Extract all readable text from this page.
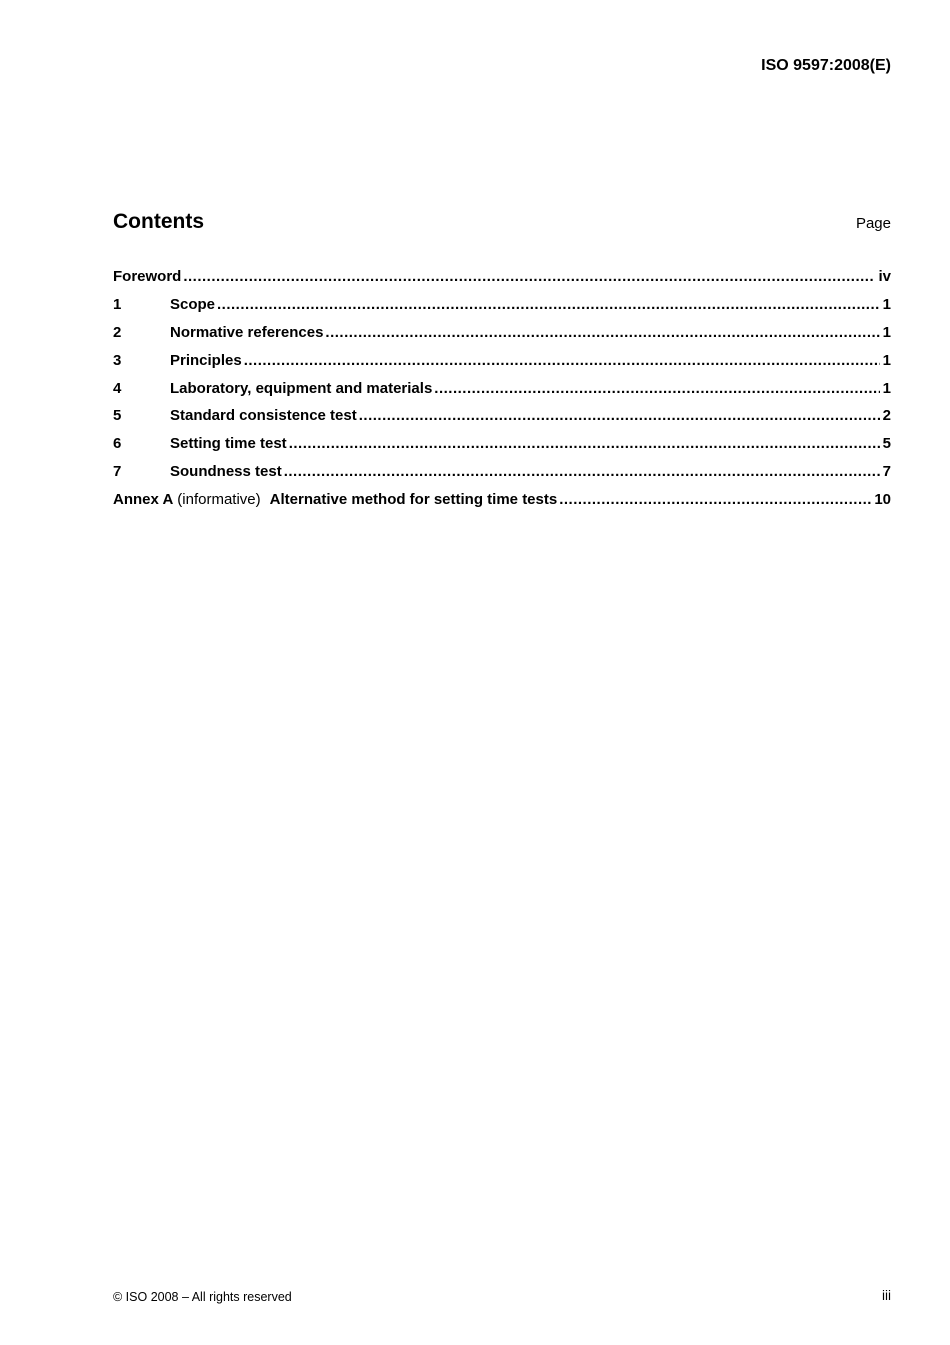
ISO 9597:2008(E)
Contents	Page
Foreword .....	iv
1	Scope .....	1
2	Normative references .....	1
3	Principles .....	1
4	Laboratory, equipment and materials .....	1
5	Standard consistence test .....	2
6	Setting time test .....	5
7	Soundness test .....	7
Annex A (informative) Alternative method for setting time tests .....	10
© ISO 2008 – All rights reserved	iii
